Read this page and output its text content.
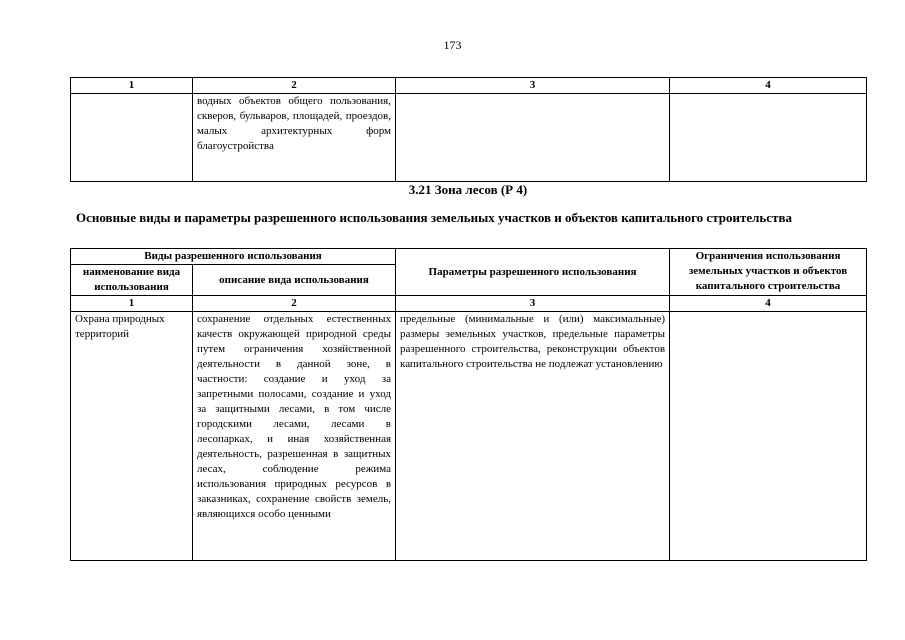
173
1	2	3	4
	водных объектов общего пользования, скверов, бульваров, площадей, проездов, малых архитектурных форм благоустройства		
3.21 Зона лесов (Р 4)
Основные виды и параметры разрешенного использования земельных участков и объектов капитального строительства
Виды разрешенного использования		Параметры разрешенного использования	Ограничения использования земельных участков и объектов капитального строительства
наименование вида использования	описание вида использования		
1	2	3	4
Охрана природных территорий	сохранение отдельных естественных качеств окружающей природной среды путем ограничения хозяйственной деятельности в данной зоне, в частности: создание и уход за запретными полосами, создание и уход за защитными лесами, в том числе городскими лесами, лесами в лесопарках, и иная хозяйственная деятельность, разрешенная в защитных лесах, соблюдение режима использования природных ресурсов в заказниках, сохранение свойств земель, являющихся особо ценными	предельные (минимальные и (или) максимальные) размеры земельных участков, предельные параметры разрешенного строительства, реконструкции объектов капитального строительства не подлежат установлению	
